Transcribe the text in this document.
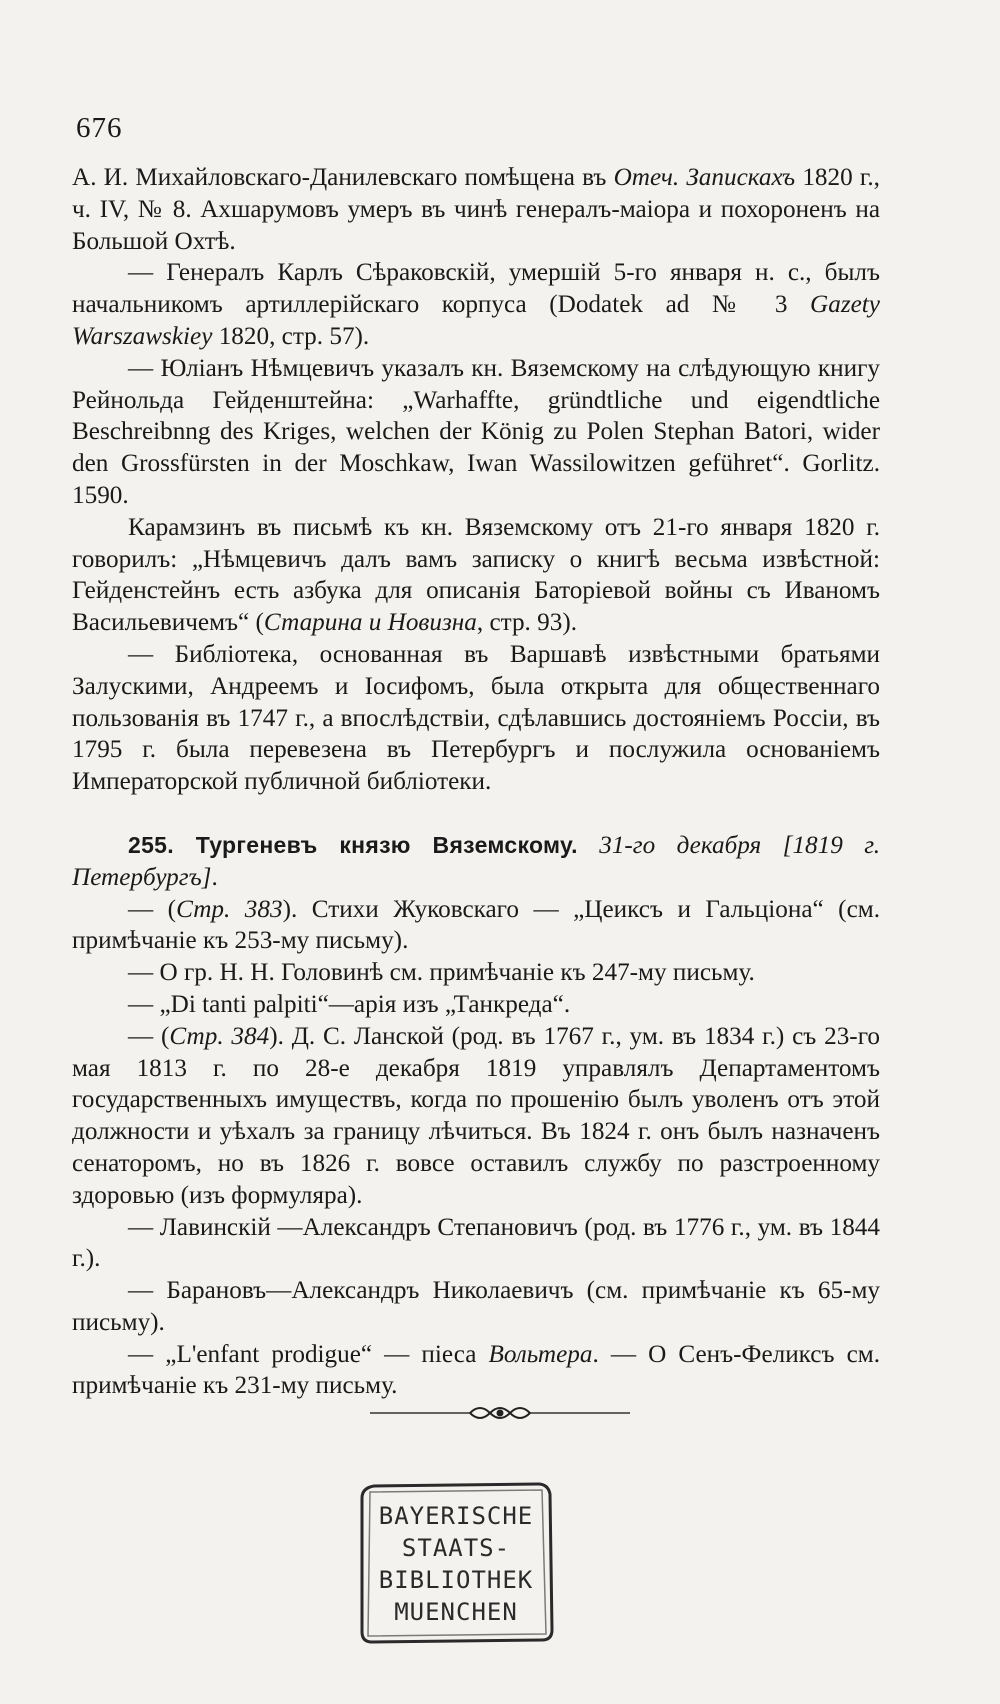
676

А. И. Михайловскаго-Данилевскаго помѣщена въ Отеч. Запискахъ 1820 г., ч. IV, № 8. Ахшарумовъ умеръ въ чинѣ генералъ-маіора и похороненъ на Большой Охтѣ.

— Генералъ Карлъ Сѣраковскій, умершій 5-го января н. с., былъ начальникомъ артиллерійскаго корпуса (Dodatek ad № 3 Gazety Warszawskiey 1820, стр. 57).

— Юліанъ Нѣмцевичъ указалъ кн. Вяземскому на слѣдующую книгу Рейнольда Гейденштейна: „Warhaffte, gründtliche und eigendtliche Beschreibnng des Kriges, welchen der König zu Polen Stephan Batori, wider den Grossfürsten in der Moschkaw, Iwan Wassilowitzen geführet“. Gorlitz. 1590.

Карамзинъ въ письмѣ къ кн. Вяземскому отъ 21-го января 1820 г. говорилъ: „Нѣмцевичъ далъ вамъ записку о книгѣ весьма извѣстной: Гейденстейнъ есть азбука для описанія Баторіевой войны съ Иваномъ Васильевичемъ“ (Старина и Новизна, стр. 93).

— Библіотека, основанная въ Варшавѣ извѣстными братьями Залускими, Андреемъ и Іосифомъ, была открыта для общественнаго пользованія въ 1747 г., а впослѣдствіи, сдѣлавшись достояніемъ Россіи, въ 1795 г. была перевезена въ Петербургъ и послужила основаніемъ Императорской публичной библіотеки.

255. Тургеневъ князю Вяземскому. 31-го декабря [1819 г. Петербургъ].

— (Стр. 383). Стихи Жуковскаго — „Цеиксъ и Гальціона“ (см. примѣчаніе къ 253-му письму).

— О гр. Н. Н. Головинѣ см. примѣчаніе къ 247-му письму.

— „Di tanti palpiti“—арія изъ „Танкреда“.

— (Стр. 384). Д. С. Ланской (род. въ 1767 г., ум. въ 1834 г.) съ 23-го мая 1813 г. по 28-е декабря 1819 управлялъ Департаментомъ государственныхъ имуществъ, когда по прошенію былъ уволенъ отъ этой должности и уѣхалъ за границу лѣчиться. Въ 1824 г. онъ былъ назначенъ сенаторомъ, но въ 1826 г. вовсе оставилъ службу по разстроенному здоровью (изъ формуляра).

— Лавинскій —Александръ Степановичъ (род. въ 1776 г., ум. въ 1844 г.).

— Барановъ—Александръ Николаевичъ (см. примѣчаніе къ 65-му письму).

— „L'enfant prodigue“ — піеса Вольтера. — О Сенъ-Феликсъ см. примѣчаніе къ 231-му письму.

BAYERISCHE
STAATS-
BIBLIOTHEK
MUENCHEN
